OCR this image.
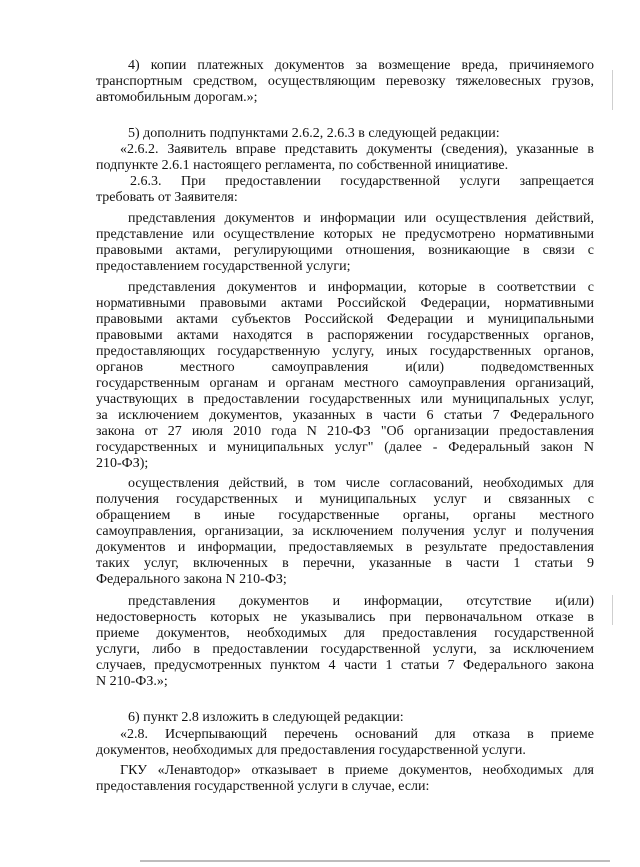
4) копии платежных документов за возмещение вреда, причиняемого
транспортным средством, осуществляющим перевозку тяжеловесных грузов,
автомобильным дорогам.»;
5) дополнить подпунктами 2.6.2, 2.6.3 в следующей редакции:
«2.6.2. Заявитель вправе представить документы (сведения), указанные в
подпункте 2.6.1 настоящего регламента, по собственной инициативе.
2.6.3. При предоставлении государственной услуги запрещается
требовать от Заявителя:
представления документов и информации или осуществления действий,
представление или осуществление которых не предусмотрено нормативными
правовыми актами, регулирующими отношения, возникающие в связи с
предоставлением государственной услуги;
представления документов и информации, которые в соответствии с
нормативными правовыми актами Российской Федерации, нормативными
правовыми актами субъектов Российской Федерации и муниципальными
правовыми актами находятся в распоряжении государственных органов,
предоставляющих государственную услугу, иных государственных органов,
органов местного самоуправления и(или) подведомственных
государственным органам и органам местного самоуправления организаций,
участвующих в предоставлении государственных или муниципальных услуг,
за исключением документов, указанных в части 6 статьи 7 Федерального
закона от 27 июля 2010 года N 210-ФЗ "Об организации предоставления
государственных и муниципальных услуг" (далее - Федеральный закон N
210-ФЗ);
осуществления действий, в том числе согласований, необходимых для
получения государственных и муниципальных услуг и связанных с
обращением в иные государственные органы, органы местного
самоуправления, организации, за исключением получения услуг и получения
документов и информации, предоставляемых в результате предоставления
таких услуг, включенных в перечни, указанные в части 1 статьи 9
Федерального закона N 210-ФЗ;
представления документов и информации, отсутствие и(или)
недостоверность которых не указывались при первоначальном отказе в
приеме документов, необходимых для предоставления государственной
услуги, либо в предоставлении государственной услуги, за исключением
случаев, предусмотренных пунктом 4 части 1 статьи 7 Федерального закона
N 210-ФЗ.»;
6) пункт 2.8 изложить в следующей редакции:
«2.8. Исчерпывающий перечень оснований для отказа в приеме
документов, необходимых для предоставления государственной услуги.
ГКУ «Ленавтодор» отказывает в приеме документов, необходимых для
предоставления государственной услуги в случае, если:
